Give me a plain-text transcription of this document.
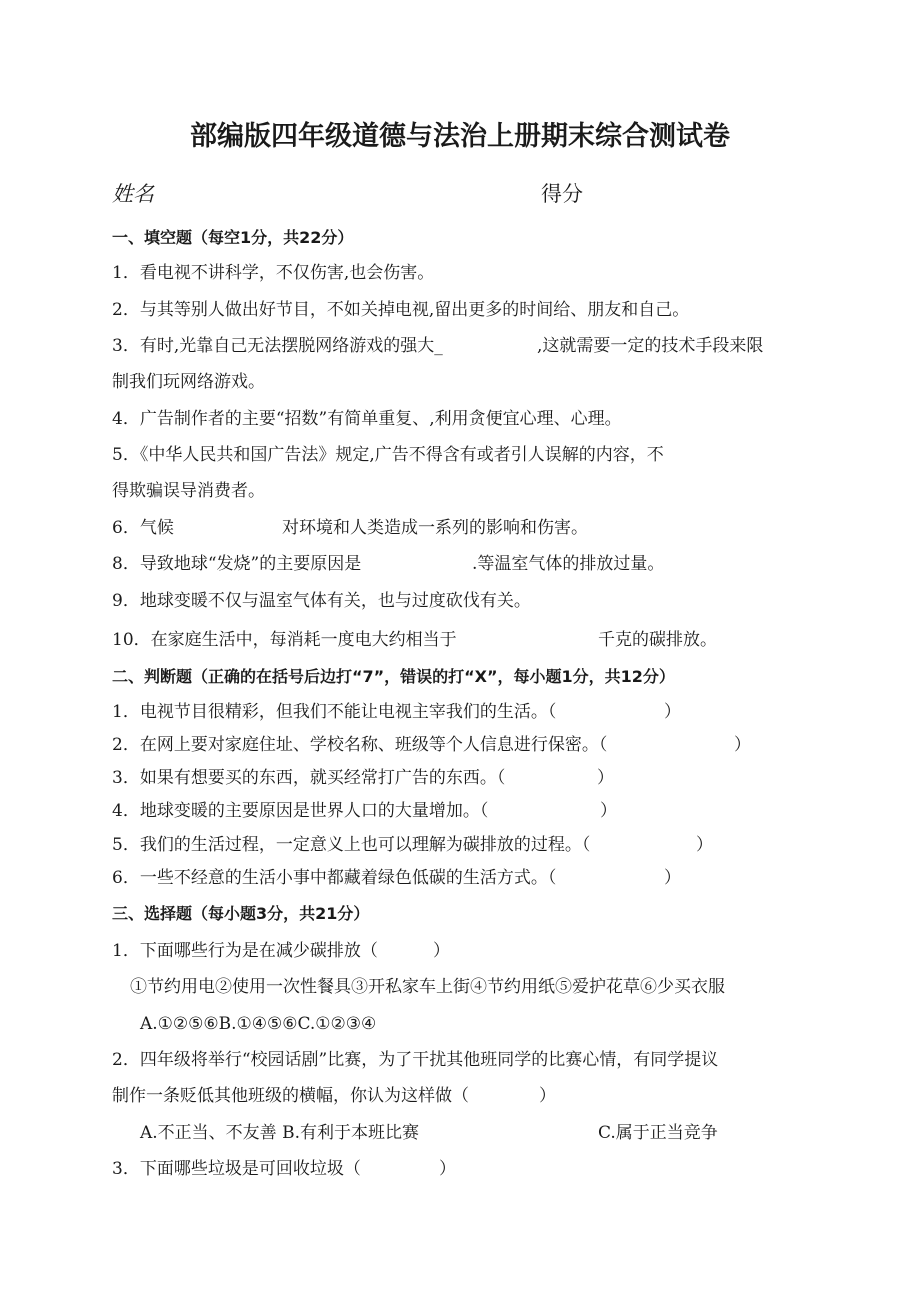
部编版四年级道德与法治上册期末综合测试卷
姓名	得分
一、填空题（每空1分，共22分）
1．看电视不讲科学，不仅伤害,也会伤害。
2．与其等别人做出好节目，不如关掉电视,留出更多的时间给、朋友和自己。
3．有时,光靠自己无法摆脱网络游戏的强大_	,这就需要一定的技术手段来限
制我们玩网络游戏。
4．广告制作者的主要“招数”有简单重复、,利用贪便宜心理、心理。
5．《中华人民共和国广告法》规定,广告不得含有或者引人误解的内容，不
得欺骗误导消费者。
6．气候	对环境和人类造成一系列的影响和伤害。
8．导致地球“发烧”的主要原因是	.等温室气体的排放过量。
9．地球变暖不仅与温室气体有关，也与过度砍伐有关。
10．在家庭生活中，每消耗一度电大约相当于	千克的碳排放。
二、判断题（正确的在括号后边打“7”，错误的打“X”，每小题1分，共12分）
1．电视节目很精彩，但我们不能让电视主宰我们的生活。（	）
2．在网上要对家庭住址、学校名称、班级等个人信息进行保密。（	）
3．如果有想要买的东西，就买经常打广告的东西。（	）
4．地球变暖的主要原因是世界人口的大量增加。（	）
5．我们的生活过程，一定意义上也可以理解为碳排放的过程。（	）
6．一些不经意的生活小事中都藏着绿色低碳的生活方式。（	）
三、选择题（每小题3分，共21分）
1．下面哪些行为是在减少碳排放（	）
①节约用电②使用一次性餐具③开私家车上街④节约用纸⑤爱护花草⑥少买衣服
A.①②⑤⑥B.①④⑤⑥C.①②③④
2．四年级将举行“校园话剧”比赛，为了干扰其他班同学的比赛心情，有同学提议
制作一条贬低其他班级的横幅，你认为这样做（	）
A.不正当、不友善 B.有利于本班比赛	C.属于正当竞争
3．下面哪些垃圾是可回收垃圾（	）
